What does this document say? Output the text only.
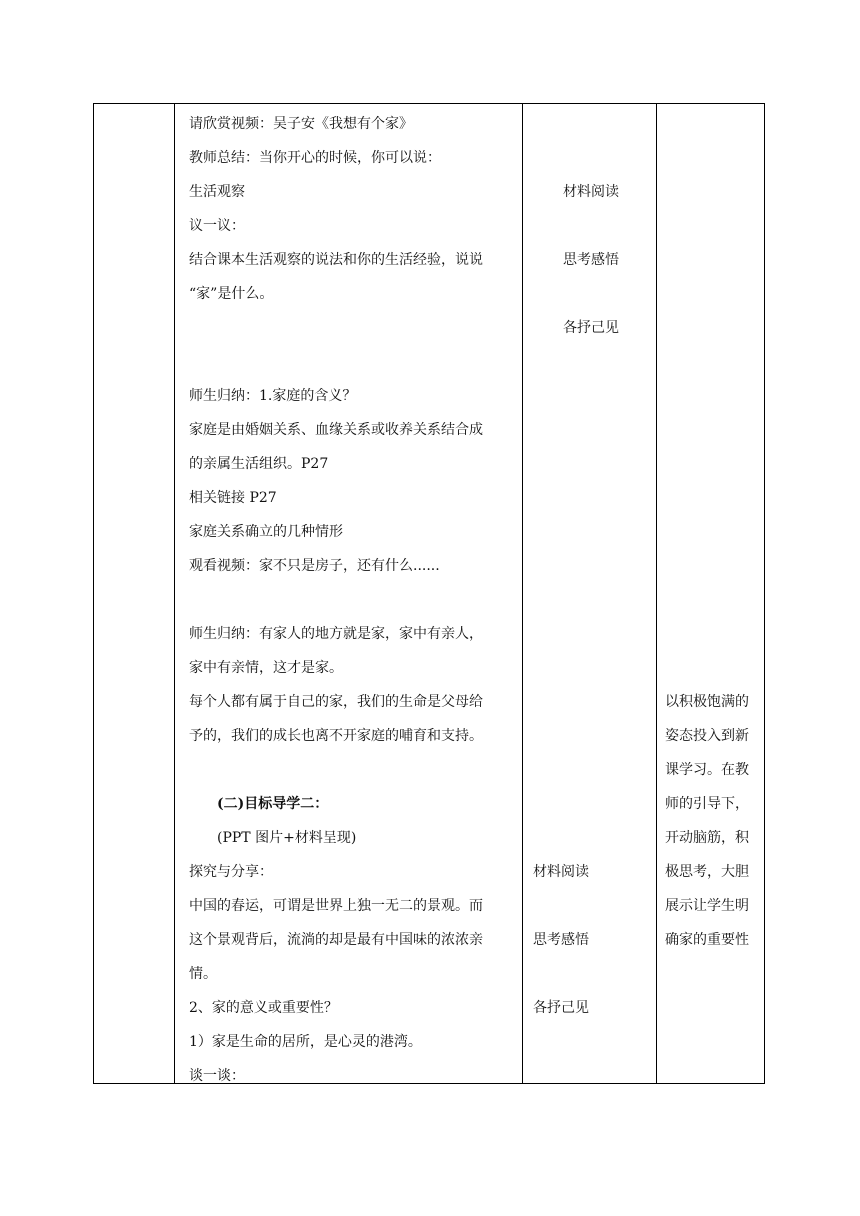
请欣赏视频：吴子安《我想有个家》
教师总结：当你开心的时候，你可以说：
生活观察
议一议：
结合课本生活观察的说法和你的生活经验，说说
“家”是什么。
师生归纳：1.家庭的含义？
家庭是由婚姻关系、血缘关系或收养关系结合成
的亲属生活组织。P27
相关链接 P27
家庭关系确立的几种情形
观看视频：家不只是房子，还有什么......
师生归纳：有家人的地方就是家，家中有亲人，
家中有亲情，这才是家。
每个人都有属于自己的家，我们的生命是父母给
予的，我们的成长也离不开家庭的哺育和支持。
(二)目标导学二：
(PPT 图片+材料呈现)
探究与分享：
中国的春运，可谓是世界上独一无二的景观。而
这个景观背后，流淌的却是最有中国味的浓浓亲
情。
2、家的意义或重要性？
1）家是生命的居所，是心灵的港湾。
谈一谈：
材料阅读
思考感悟
各抒己见
材料阅读
思考感悟
各抒己见
以积极饱满的
姿态投入到新
课学习。在教
师的引导下，
开动脑筋，积
极思考，大胆
展示让学生明
确家的重要性
